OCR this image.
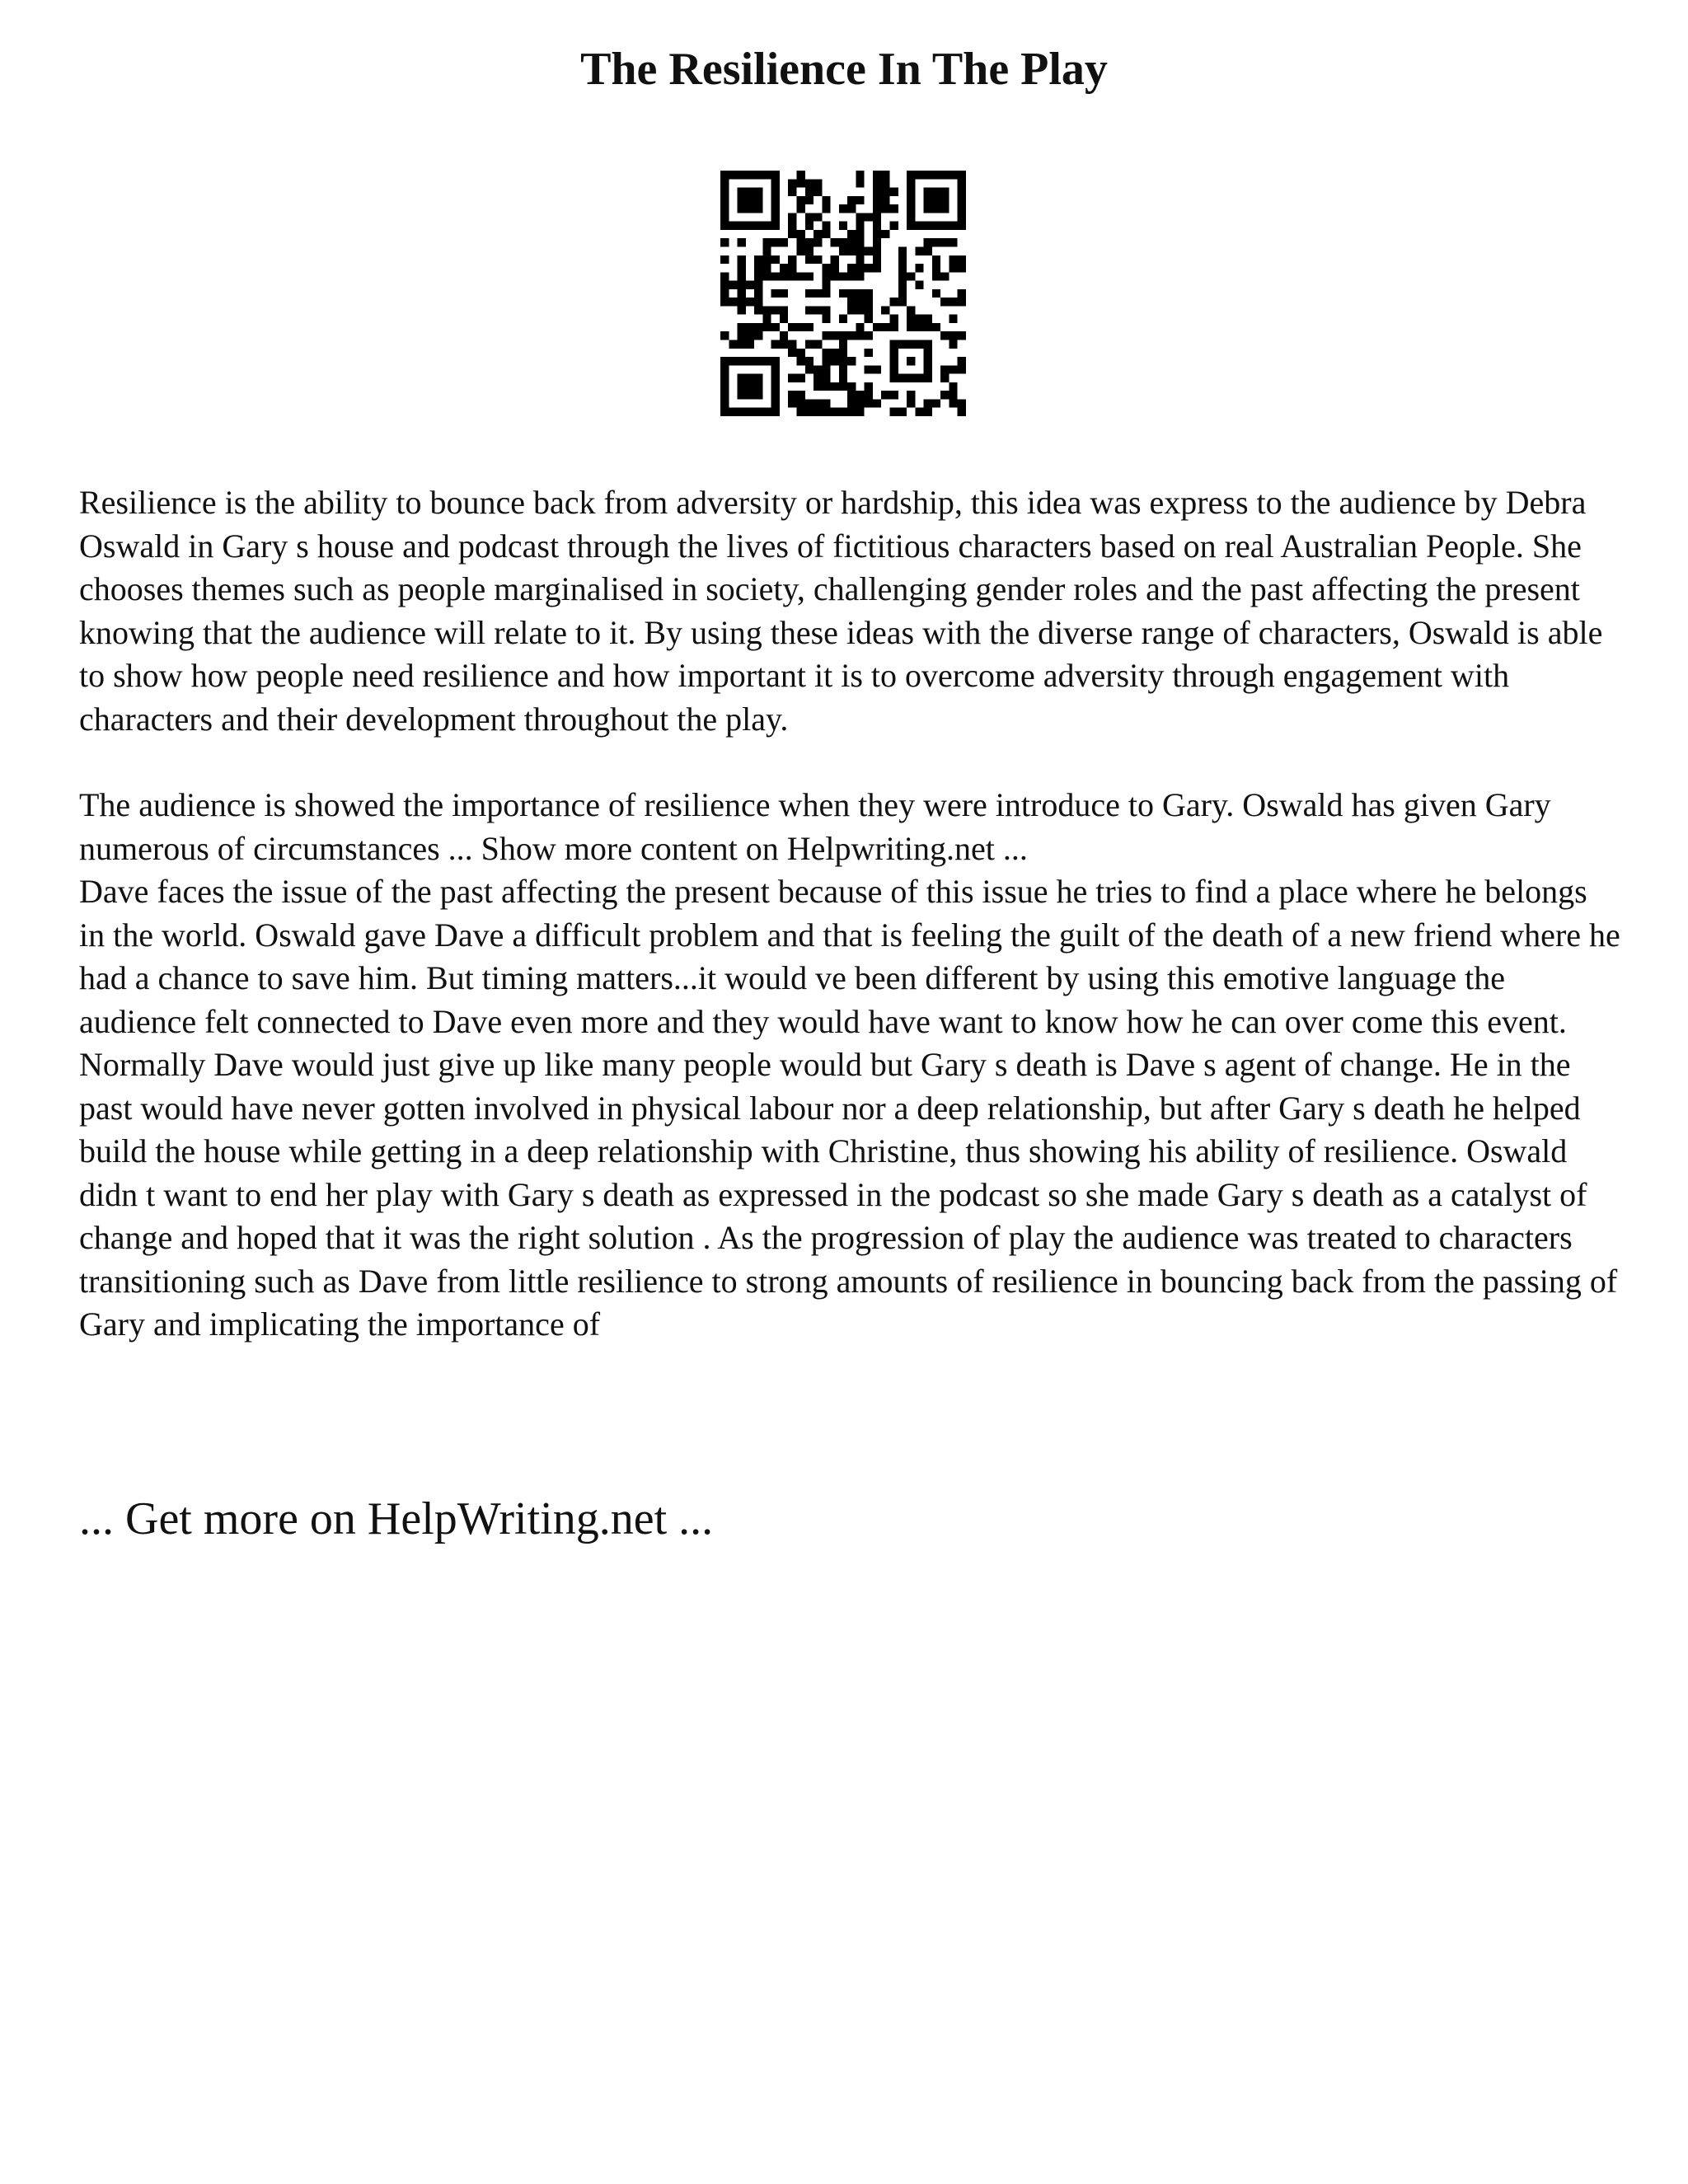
The Resilience In The Play

Resilience is the ability to bounce back from adversity or hardship, this idea was express to the audience by Debra Oswald in Gary s house and podcast through the lives of fictitious characters based on real Australian People. She chooses themes such as people marginalised in society, challenging gender roles and the past affecting the present knowing that the audience will relate to it. By using these ideas with the diverse range of characters, Oswald is able to show how people need resilience and how important it is to overcome adversity through engagement with characters and their development throughout the play.

The audience is showed the importance of resilience when they were introduce to Gary. Oswald has given Gary numerous of circumstances ... Show more content on Helpwriting.net ...

Dave faces the issue of the past affecting the present because of this issue he tries to find a place where he belongs in the world. Oswald gave Dave a difficult problem and that is feeling the guilt of the death of a new friend where he had a chance to save him. But timing matters...it would ve been different by using this emotive language the audience felt connected to Dave even more and they would have want to know how he can over come this event. Normally Dave would just give up like many people would but Gary s death is Dave s agent of change. He in the past would have never gotten involved in physical labour nor a deep relationship, but after Gary s death he helped build the house while getting in a deep relationship with Christine, thus showing his ability of resilience. Oswald didn t want to end her play with Gary s death as expressed in the podcast so she made Gary s death as a catalyst of change and hoped that it was the right solution . As the progression of play the audience was treated to characters transitioning such as Dave from little resilience to strong amounts of resilience in bouncing back from the passing of Gary and implicating the importance of

... Get more on HelpWriting.net ...
